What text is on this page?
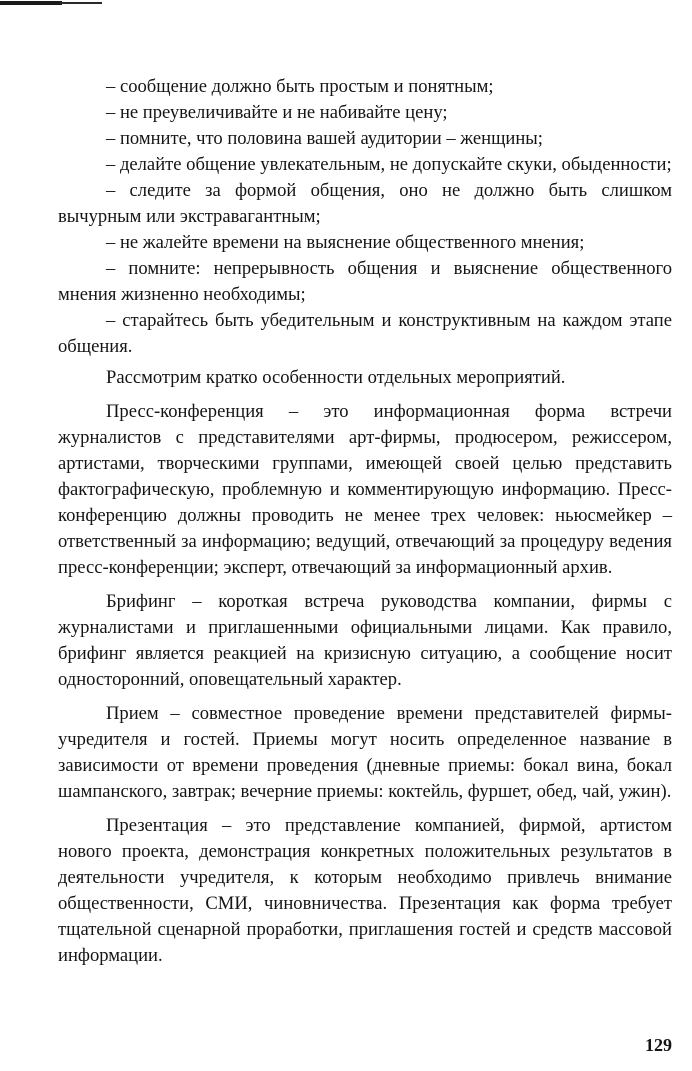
– сообщение должно быть простым и понятным;

– не преувеличивайте и не набивайте цену;

– помните, что половина вашей аудитории – женщины;

– делайте общение увлекательным, не допускайте скуки, обыденности;

– следите за формой общения, оно не должно быть слишком вычурным или экстравагантным;

– не жалейте времени на выяснение общественного мнения;

– помните: непрерывность общения и выяснение общественного мнения жизненно необходимы;

– старайтесь быть убедительным и конструктивным на каждом этапе общения.

Рассмотрим кратко особенности отдельных мероприятий.

Пресс-конференция – это информационная форма встречи журналистов с представителями арт-фирмы, продюсером, режиссером, артистами, творческими группами, имеющей своей целью представить фактографическую, проблемную и комментирующую информацию. Пресс-конференцию должны проводить не менее трех человек: ньюсмейкер – ответственный за информацию; ведущий, отвечающий за процедуру ведения пресс-конференции; эксперт, отвечающий за информационный архив.

Брифинг – короткая встреча руководства компании, фирмы с журналистами и приглашенными официальными лицами. Как правило, брифинг является реакцией на кризисную ситуацию, а сообщение носит односторонний, оповещательный характер.

Прием – совместное проведение времени представителей фирмы-учредителя и гостей. Приемы могут носить определенное название в зависимости от времени проведения (дневные приемы: бокал вина, бокал шампанского, завтрак; вечерние приемы: коктейль, фуршет, обед, чай, ужин).

Презентация – это представление компанией, фирмой, артистом нового проекта, демонстрация конкретных положительных результатов в деятельности учредителя, к которым необходимо привлечь внимание общественности, СМИ, чиновничества. Презентация как форма требует тщательной сценарной проработки, приглашения гостей и средств массовой информации.

129
